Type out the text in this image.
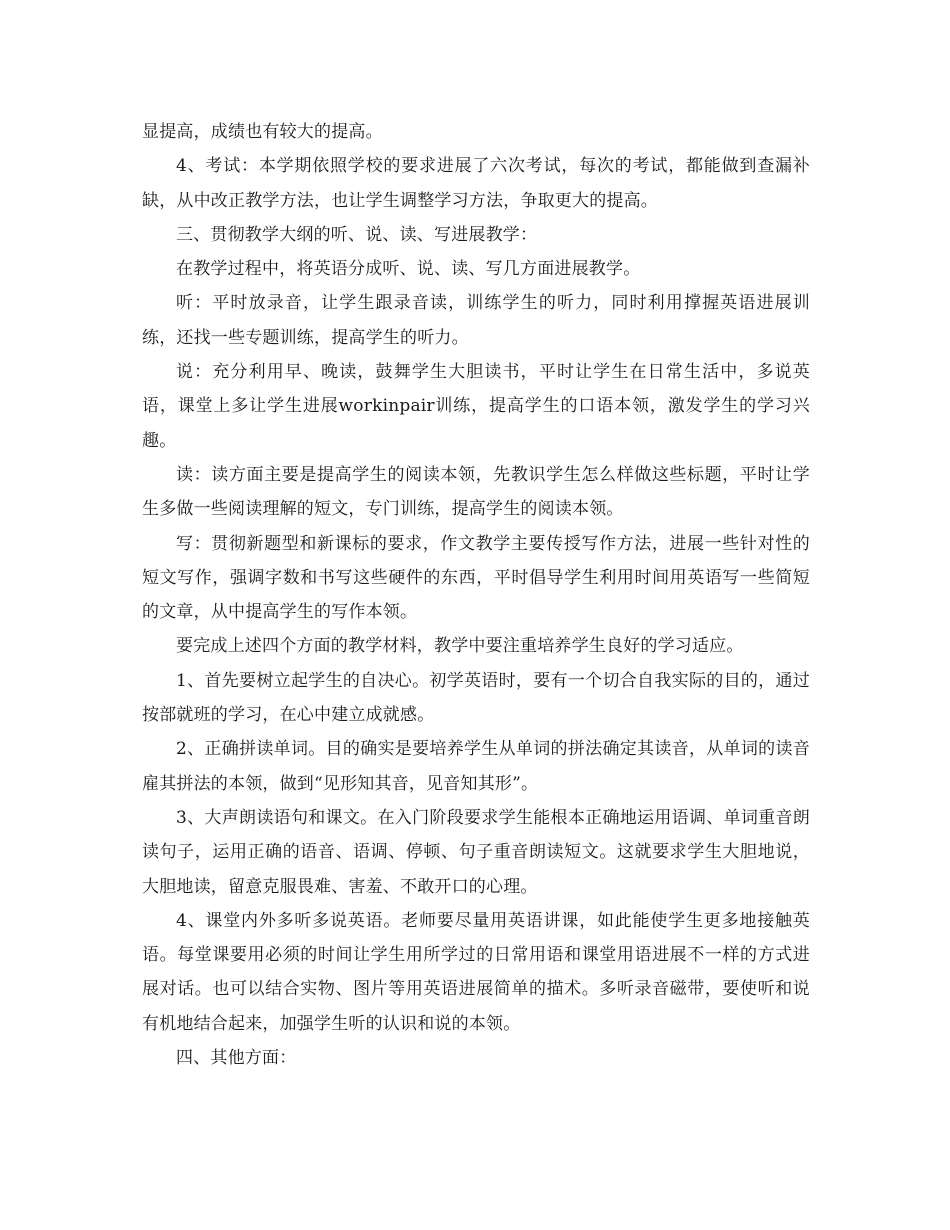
显提高，成绩也有较大的提高。

4、考试：本学期依照学校的要求进展了六次考试，每次的考试，都能做到查漏补缺，从中改正教学方法，也让学生调整学习方法，争取更大的提高。

三、贯彻教学大纲的听、说、读、写进展教学：

在教学过程中，将英语分成听、说、读、写几方面进展教学。

听：平时放录音，让学生跟录音读，训练学生的听力，同时利用撑握英语进展训练，还找一些专题训练，提高学生的听力。

说：充分利用早、晚读，鼓舞学生大胆读书，平时让学生在日常生活中，多说英语，课堂上多让学生进展workinpair训练，提高学生的口语本领，激发学生的学习兴趣。

读：读方面主要是提高学生的阅读本领，先教识学生怎么样做这些标题，平时让学生多做一些阅读理解的短文，专门训练，提高学生的阅读本领。

写：贯彻新题型和新课标的要求，作文教学主要传授写作方法，进展一些针对性的短文写作，强调字数和书写这些硬件的东西，平时倡导学生利用时间用英语写一些简短的文章，从中提高学生的写作本领。

要完成上述四个方面的教学材料，教学中要注重培养学生良好的学习适应。

1、首先要树立起学生的自决心。初学英语时，要有一个切合自我实际的目的，通过按部就班的学习，在心中建立成就感。

2、正确拼读单词。目的确实是要培养学生从单词的拼法确定其读音，从单词的读音雇其拼法的本领，做到“见形知其音，见音知其形”。

3、大声朗读语句和课文。在入门阶段要求学生能根本正确地运用语调、单词重音朗读句子，运用正确的语音、语调、停顿、句子重音朗读短文。这就要求学生大胆地说，大胆地读，留意克服畏难、害羞、不敢开口的心理。

4、课堂内外多听多说英语。老师要尽量用英语讲课，如此能使学生更多地接触英语。每堂课要用必须的时间让学生用所学过的日常用语和课堂用语进展不一样的方式进展对话。也可以结合实物、图片等用英语进展简单的描术。多听录音磁带，要使听和说有机地结合起来，加强学生听的认识和说的本领。

四、其他方面：
